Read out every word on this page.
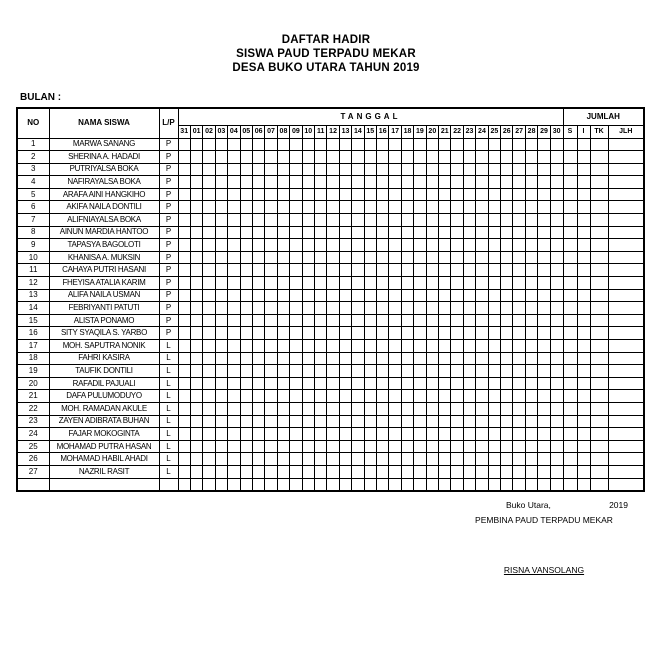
DAFTAR HADIR
SISWA PAUD TERPADU MEKAR
DESA BUKO UTARA TAHUN 2019
BULAN :
NO	NAMA SISWA	L/P	TANGGAL																															JUMLAH			
			31	01	02	03	04	05	06	07	08	09	10	11	12	13	14	15	16	17	18	19	20	21	22	23	24	25	26	27	28	29	30	S	I	TK	JLH
1	MARWA SANANG	P																																			
2	SHERINA A. HADADI	P																																			
3	PUTRIYALSA BOKA	P																																			
4	NAFIRAYALSA BOKA	P																																			
5	ARAFA AINI HANGKIHO	P																																			
6	AKIFA NAILA DONTILI	P																																			
7	ALIFNIAYALSA BOKA	P																																			
8	AINUN MARDIA HANTOO	P																																			
9	TAPASYA BAGOLOTI	P																																			
10	KHANISA A. MUKSIN	P																																			
11	CAHAYA PUTRI HASANI	P																																			
12	FHEYISA ATALIA KARIM	P																																			
13	ALIFA NAILA USMAN	P																																			
14	FEBRIYANTI PATUTI	P																																			
15	ALISTA PONAMO	P																																			
16	SITY SYAQILA S. YARBO	P																																			
17	MOH. SAPUTRA NONIK	L																																			
18	FAHRI KASIRA	L																																			
19	TAUFIK DONTILI	L																																			
20	RAFADIL PAJUALI	L																																			
21	DAFA PULUMODUYO	L																																			
22	MOH. RAMADAN AKULE	L																																			
23	ZAYEN ADIBRATA BUHAN	L																																			
24	FAJAR MOKOGINTA	L																																			
25	MOHAMAD PUTRA HASAN	L																																			
26	MOHAMAD HABIL AHADI	L																																			
27	NAZRIL RASIT	L																																			

Buko Utara,	2019
PEMBINA PAUD TERPADU MEKAR
RISNA VANSOLANG
